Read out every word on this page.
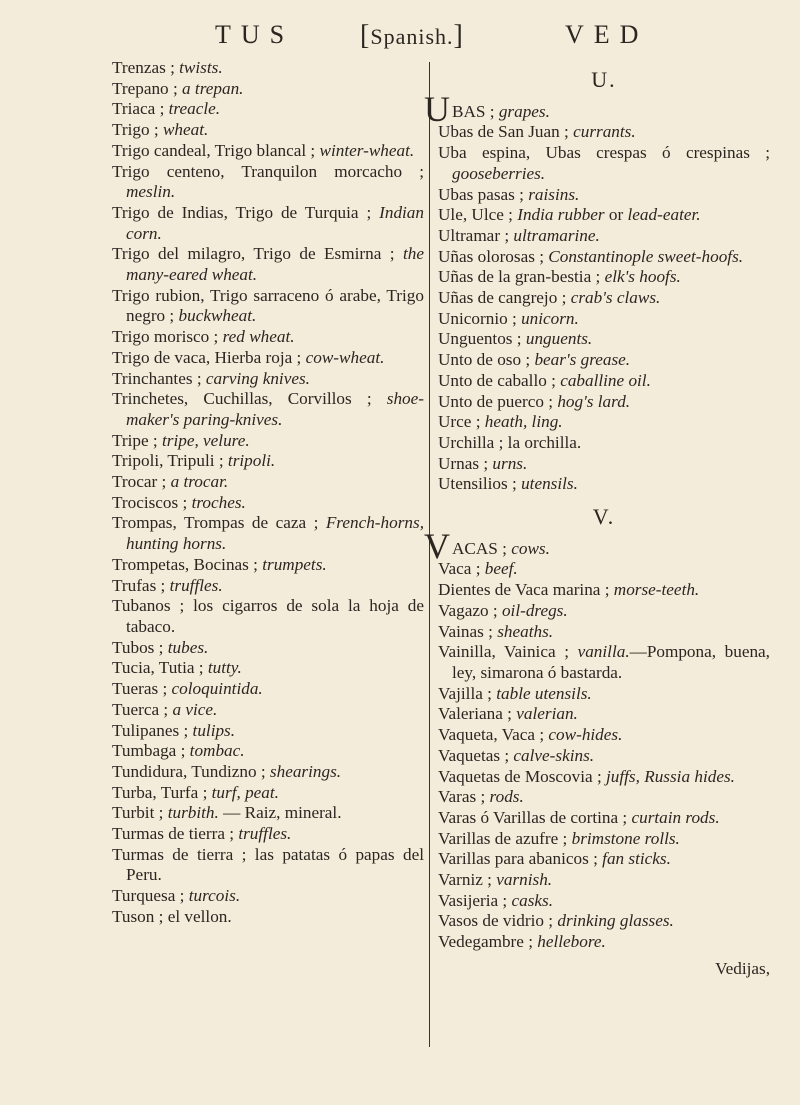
TUS [Spanish.]	VED
Trenzas ; twists.
Trepano ; a trepan.
Triaca ; treacle.
Trigo ; wheat.
Trigo candeal, Trigo blancal ; winter-wheat.
Trigo centeno, Tranquilon morcacho ; meslin.
Trigo de Indias, Trigo de Turquia ; Indian corn.
Trigo del milagro, Trigo de Esmirna ; the many-eared wheat.
Trigo rubion, Trigo sarraceno ó arabe, Trigo negro ; buckwheat.
Trigo morisco ; red wheat.
Trigo de vaca, Hierba roja ; cow-wheat.
Trinchantes ; carving knives.
Trinchetes, Cuchillas, Corvillos ; shoe-maker's paring-knives.
Tripe ; tripe, velure.
Tripoli, Tripuli ; tripoli.
Trocar ; a trocar.
Trociscos ; troches.
Trompas, Trompas de caza ; French-horns, hunting horns.
Trompetas, Bocinas ; trumpets.
Trufas ; truffles.
Tubanos ; los cigarros de sola la hoja de tabaco.
Tubos ; tubes.
Tucia, Tutia ; tutty.
Tueras ; coloquintida.
Tuerca ; a vice.
Tulipanes ; tulips.
Tumbaga ; tombac.
Tundidura, Tundizno ; shearings.
Turba, Turfa ; turf, peat.
Turbit ; turbith. — Raiz, mineral.
Turmas de tierra ; truffles.
Turmas de tierra ; las patatas ó papas del Peru.
Turquesa ; turcois.
Tuson ; el vellon.
U.
UBAS ; grapes.
Ubas de San Juan ; currants.
Uba espina, Ubas crespas ó crespinas ; gooseberries.
Ubas pasas ; raisins.
Ule, Ulce ; India rubber or lead-eater.
Ultramar ; ultramarine.
Uñas olorosas ; Constantinople sweet-hoofs.
Uñas de la gran-bestia ; elk's hoofs.
Uñas de cangrejo ; crab's claws.
Unicornio ; unicorn.
Unguentos ; unguents.
Unto de oso ; bear's grease.
Unto de caballo ; caballine oil.
Unto de puerco ; hog's lard.
Urce ; heath, ling.
Urchilla ; la orchilla.
Urnas ; urns.
Utensilios ; utensils.
V.
VACAS ; cows.
Vaca ; beef.
Dientes de Vaca marina ; morse-teeth.
Vagazo ; oil-dregs.
Vainas ; sheaths.
Vainilla, Vainica ; vanilla.—Pompona, buena, ley, simarona ó bastarda.
Vajilla ; table utensils.
Valeriana ; valerian.
Vaqueta, Vaca ; cow-hides.
Vaquetas ; calve-skins.
Vaquetas de Moscovia ; juffs, Russia hides.
Varas ; rods.
Varas ó Varillas de cortina ; curtain rods.
Varillas de azufre ; brimstone rolls.
Varillas para abanicos ; fan sticks.
Varniz ; varnish.
Vasijeria ; casks.
Vasos de vidrio ; drinking glasses.
Vedegambre ; hellebore.
Vedijas,
